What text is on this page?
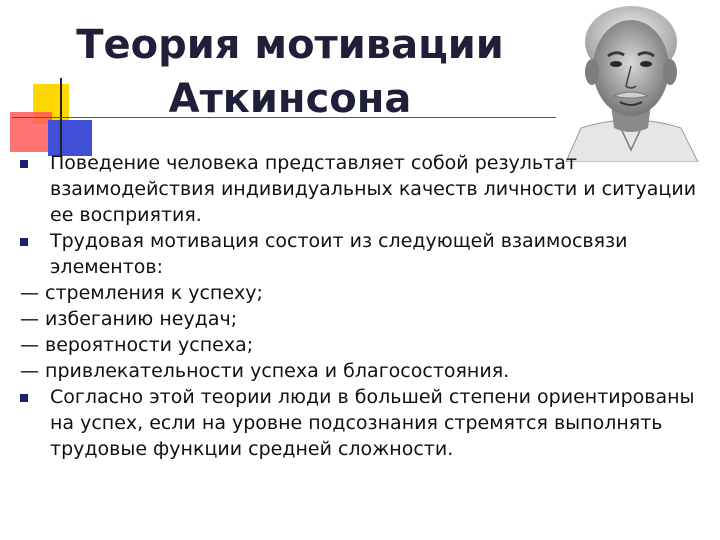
Теория мотивации
Аткинсона
Поведение человека представляет собой результат взаимодействия индивидуальных качеств личности и ситуации ее восприятия.
Трудовая мотивация состоит из следующей взаимосвязи элементов:
— стремления к успеху;
— избеганию неудач;
— вероятности успеха;
— привлекательности успеха и благосостояния.
Согласно этой теории люди в большей степени ориентированы на успех, если на уровне подсознания стремятся выполнять трудовые функции средней сложности.
